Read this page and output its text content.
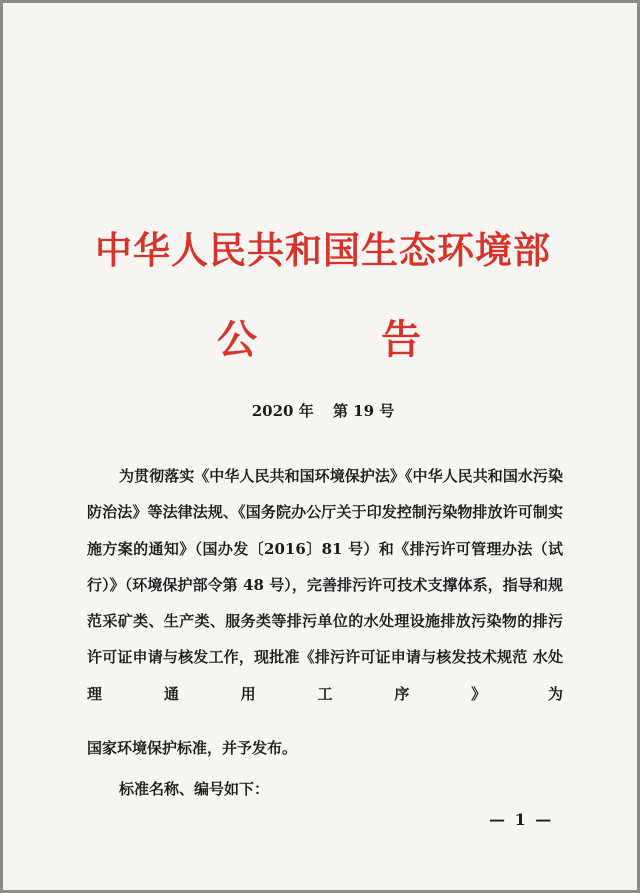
中华人民共和国生态环境部
公	告

2020 年 第 19 号

为贯彻落实《中华人民共和国环境保护法》《中华人民共和国水污染防治法》等法律法规、《国务院办公厅关于印发控制污染物排放许可制实施方案的通知》（国办发〔2016〕81 号）和《排污许可管理办法（试行）》（环境保护部令第 48 号），完善排污许可技术支撑体系，指导和规范采矿类、生产类、服务类等排污单位的水处理设施排放污染物的排污许可证申请与核发工作，现批准《排污许可证申请与核发技术规范 水处理通用工序》为

国家环境保护标准，并予发布。

标准名称、编号如下：

— 1 —
